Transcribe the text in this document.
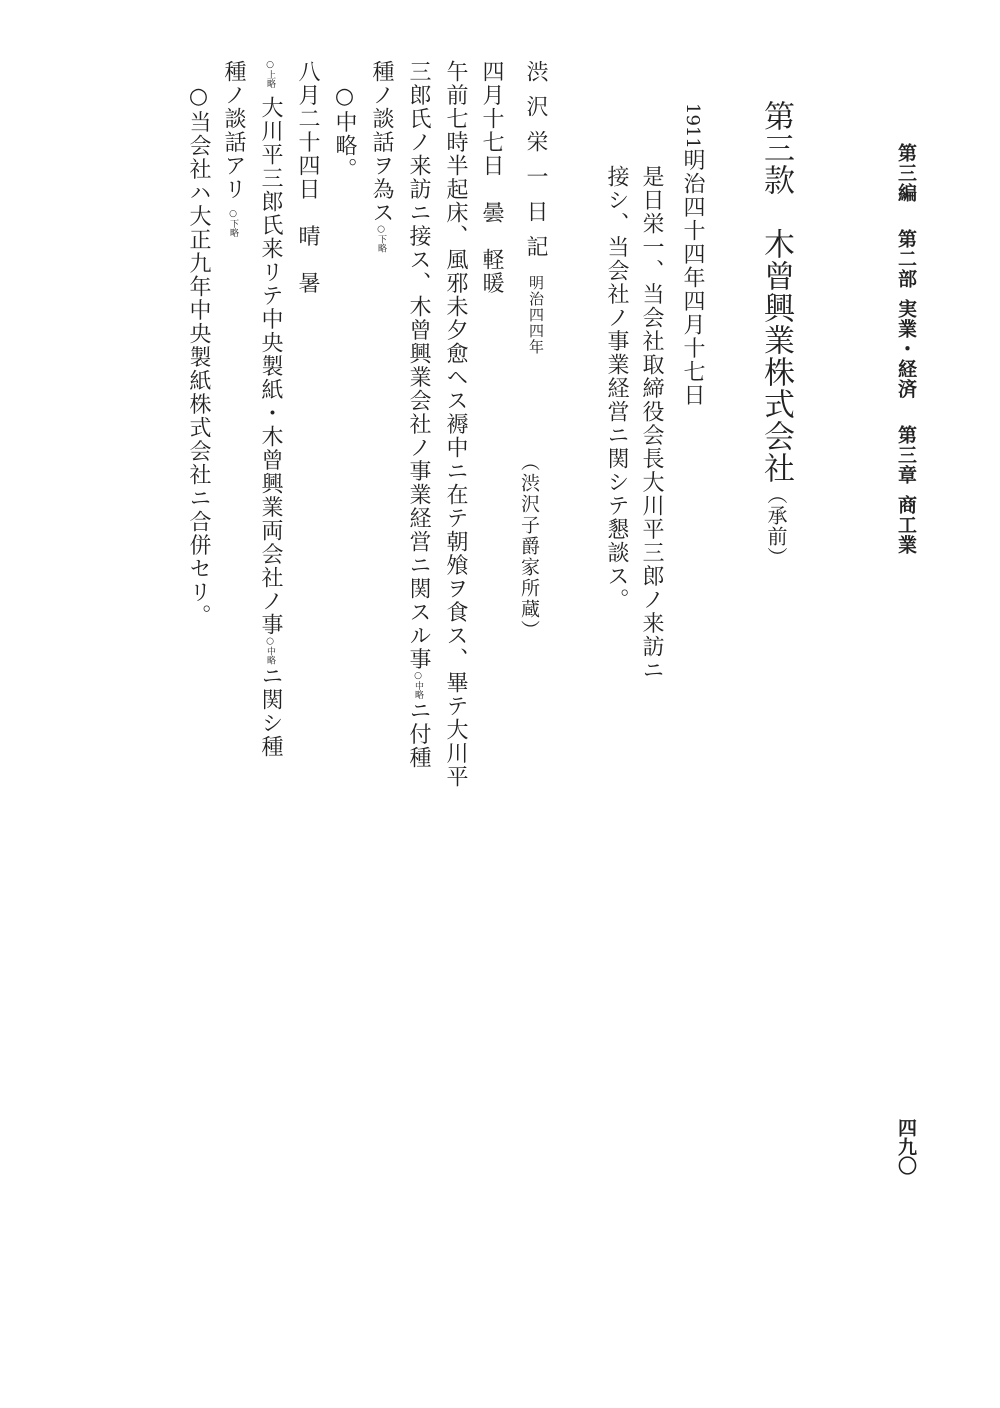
第三編第二部実業・経済第三章商工業
四九〇
第三款　木曾興業株式会社（承前）
1911明治四十四年四月十七日
是日栄一、当会社取締役会長大川平三郎ノ来訪ニ
接シ、当会社ノ事業経営ニ関シテ懇談ス。
渋沢栄一日記
明治四四年
（渋沢子爵家所蔵）
四月十七日　曇　軽暖
午前七時半起床、風邪未夕愈ヘス褥中ニ在テ朝飧ヲ食ス、畢テ大川平
三郎氏ノ来訪ニ接ス、木曾興業会社ノ事業経営ニ関スル事○中略ニ付種
種ノ談話ヲ為ス○下略
○中略。
八月二十四日　晴　暑
○上略大川平三郎氏来リテ中央製紙・木曾興業両会社ノ事○中略ニ関シ種
種ノ談話アリ○下略
○当会社ハ大正九年中央製紙株式会社ニ合併セリ。
